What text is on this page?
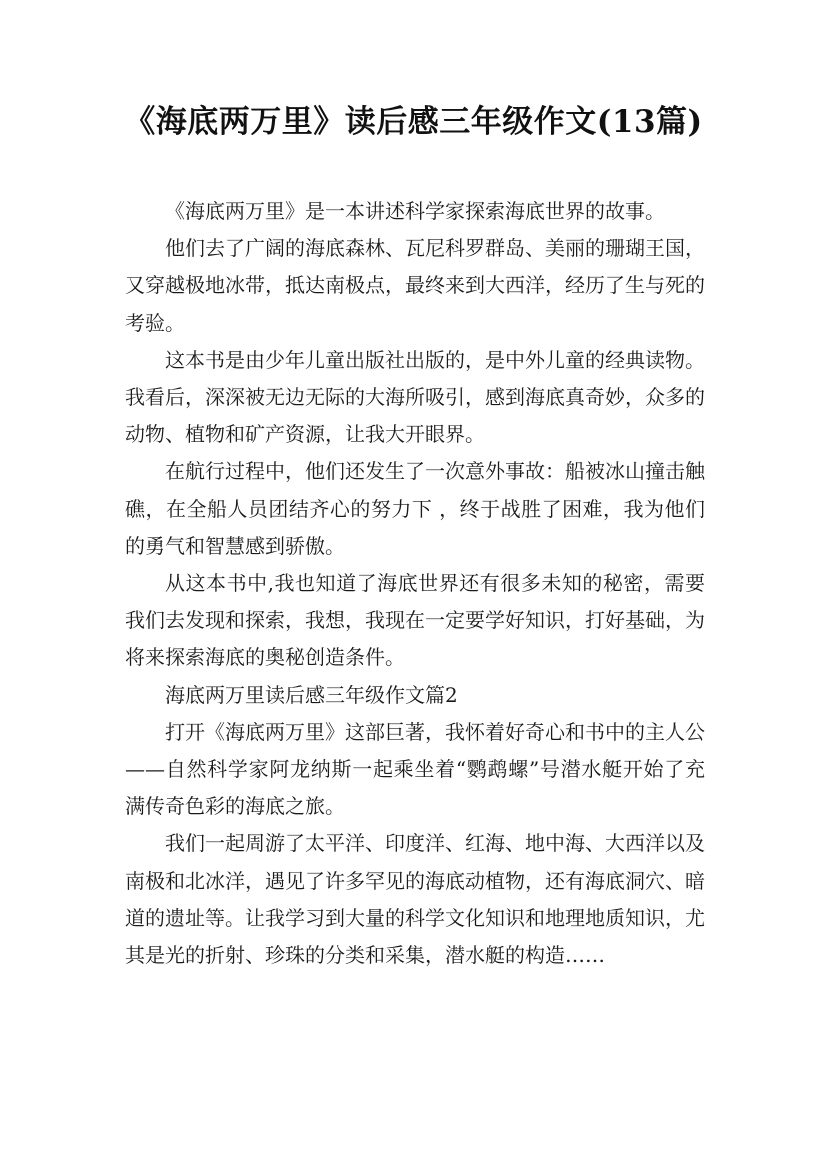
《海底两万里》读后感三年级作文(13篇)

《海底两万里》是一本讲述科学家探索海底世界的故事。

他们去了广阔的海底森林、瓦尼科罗群岛、美丽的珊瑚王国，又穿越极地冰带，抵达南极点，最终来到大西洋，经历了生与死的考验。

这本书是由少年儿童出版社出版的，是中外儿童的经典读物。我看后，深深被无边无际的大海所吸引，感到海底真奇妙，众多的动物、植物和矿产资源，让我大开眼界。

在航行过程中，他们还发生了一次意外事故：船被冰山撞击触礁，在全船人员团结齐心的努力下 ，终于战胜了困难，我为他们的勇气和智慧感到骄傲。

从这本书中,我也知道了海底世界还有很多未知的秘密，需要我们去发现和探索，我想，我现在一定要学好知识，打好基础，为将来探索海底的奥秘创造条件。

海底两万里读后感三年级作文篇2

打开《海底两万里》这部巨著，我怀着好奇心和书中的主人公——自然科学家阿龙纳斯一起乘坐着“鹦鹉螺”号潜水艇开始了充满传奇色彩的海底之旅。

我们一起周游了太平洋、印度洋、红海、地中海、大西洋以及南极和北冰洋，遇见了许多罕见的海底动植物，还有海底洞穴、暗道的遗址等。让我学习到大量的科学文化知识和地理地质知识，尤其是光的折射、珍珠的分类和采集，潜水艇的构造……
